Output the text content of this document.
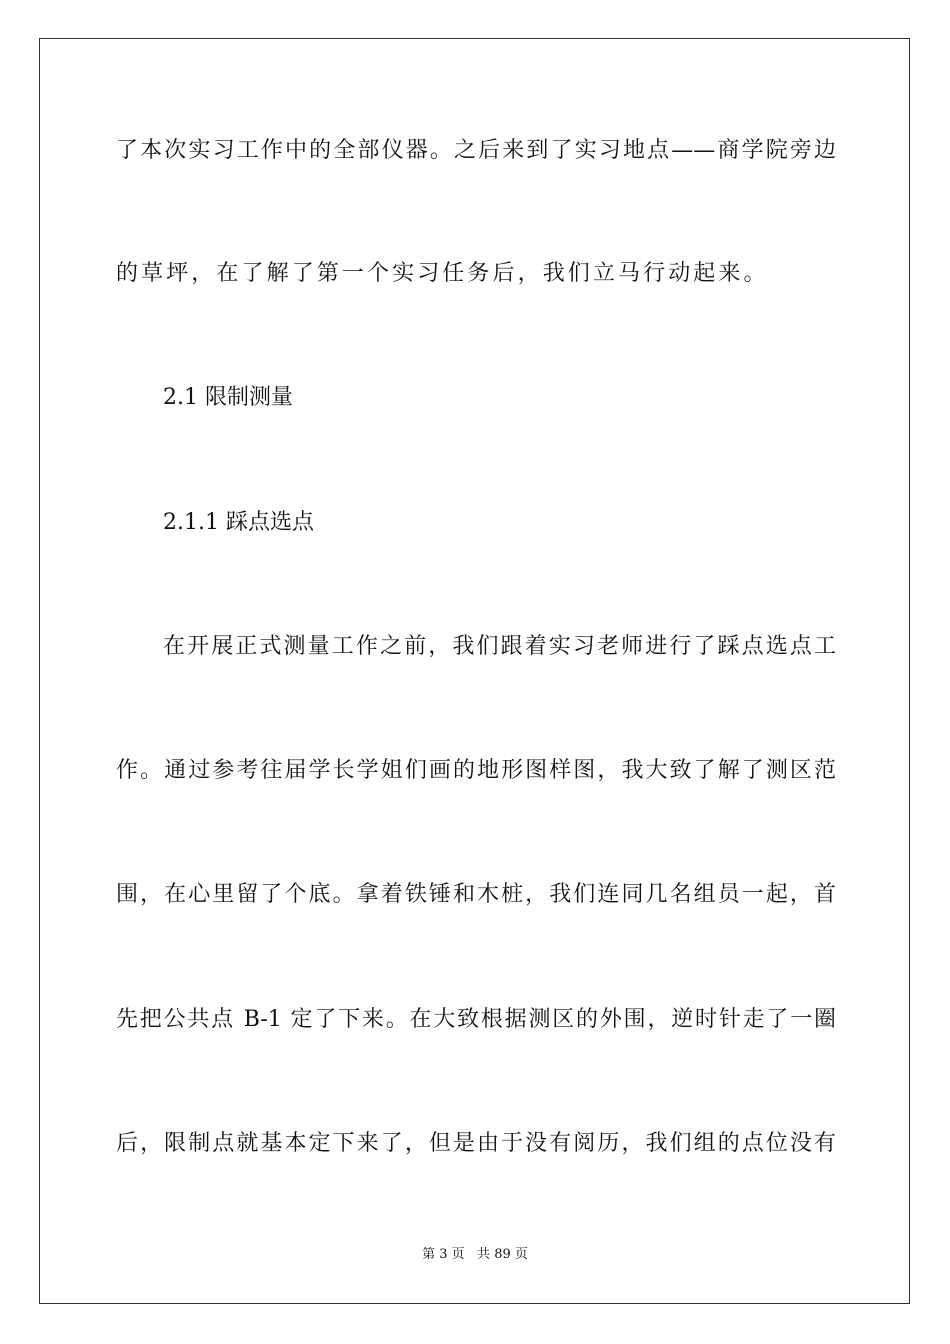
了本次实习工作中的全部仪器。之后来到了实习地点——商学院旁边
的草坪，在了解了第一个实习任务后，我们立马行动起来。
2.1 限制测量
2.1.1 踩点选点
在开展正式测量工作之前，我们跟着实习老师进行了踩点选点工
作。通过参考往届学长学姐们画的地形图样图，我大致了解了测区范
围，在心里留了个底。拿着铁锤和木桩，我们连同几名组员一起，首
先把公共点 B-1 定了下来。在大致根据测区的外围，逆时针走了一圈
后，限制点就基本定下来了，但是由于没有阅历，我们组的点位没有
第 3 页   共 89 页
